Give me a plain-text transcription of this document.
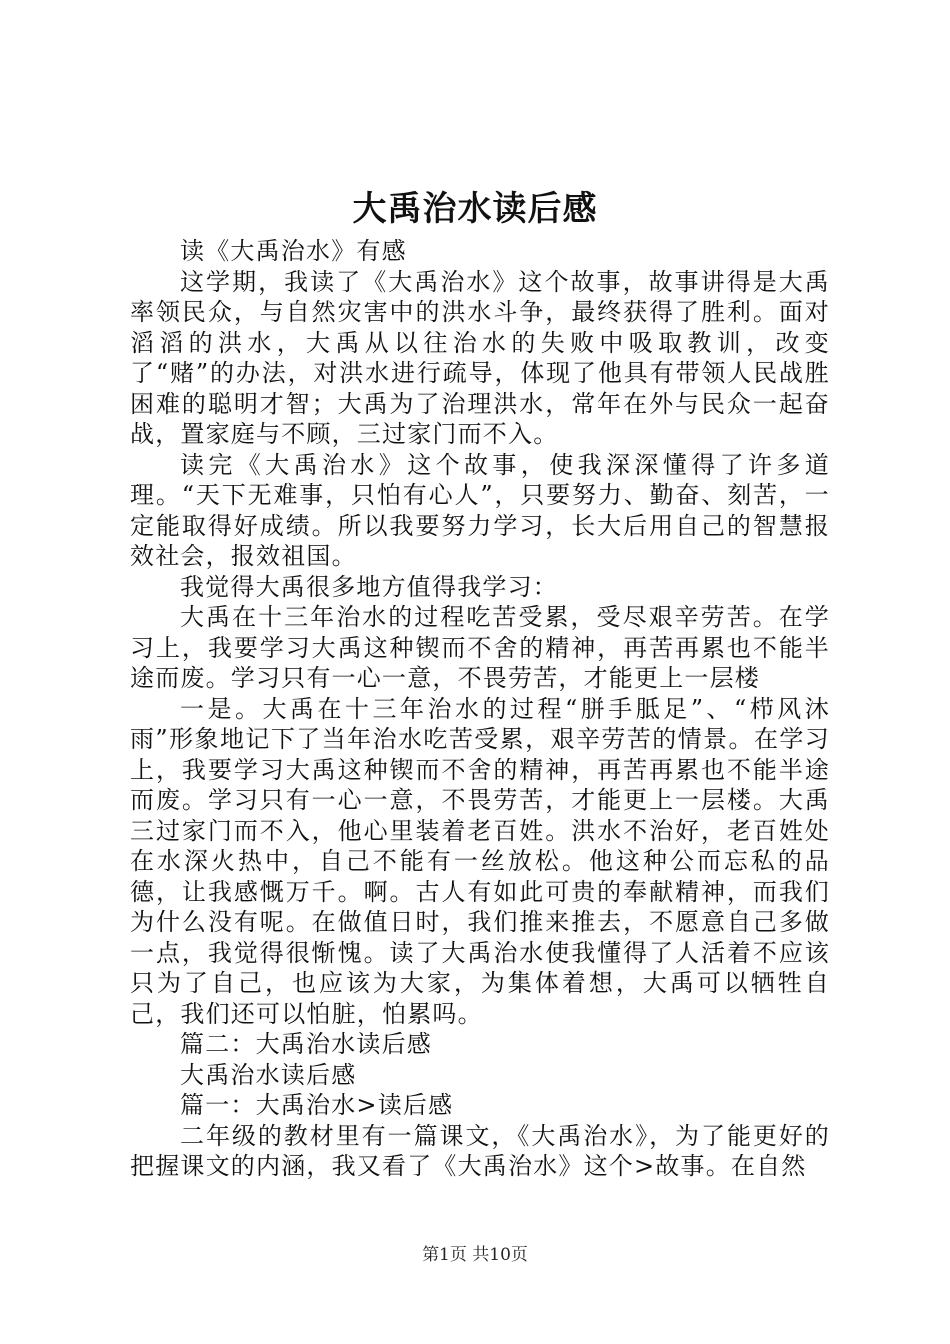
大禹治水读后感

读《大禹治水》有感

这学期，我读了《大禹治水》这个故事，故事讲得是大禹率领民众，与自然灾害中的洪水斗争，最终获得了胜利。面对滔滔的洪水，大禹从以往治水的失败中吸取教训，改变了“赌”的办法，对洪水进行疏导，体现了他具有带领人民战胜困难的聪明才智；大禹为了治理洪水，常年在外与民众一起奋战，置家庭与不顾，三过家门而不入。

读完《大禹治水》这个故事，使我深深懂得了许多道理。“天下无难事，只怕有心人”，只要努力、勤奋、刻苦，一定能取得好成绩。所以我要努力学习，长大后用自己的智慧报效社会，报效祖国。

我觉得大禹很多地方值得我学习：

大禹在十三年治水的过程吃苦受累，受尽艰辛劳苦。在学习上，我要学习大禹这种锲而不舍的精神，再苦再累也不能半途而废。学习只有一心一意，不畏劳苦，才能更上一层楼

一是。大禹在十三年治水的过程“胼手胝足”、“栉风沐雨”形象地记下了当年治水吃苦受累，艰辛劳苦的情景。在学习上，我要学习大禹这种锲而不舍的精神，再苦再累也不能半途而废。学习只有一心一意，不畏劳苦，才能更上一层楼。大禹三过家门而不入，他心里装着老百姓。洪水不治好，老百姓处在水深火热中，自己不能有一丝放松。他这种公而忘私的品德，让我感慨万千。啊。古人有如此可贵的奉献精神，而我们为什么没有呢。在做值日时，我们推来推去，不愿意自己多做一点，我觉得很惭愧。读了大禹治水使我懂得了人活着不应该只为了自己，也应该为大家，为集体着想，大禹可以牺牲自己，我们还可以怕脏，怕累吗。

篇二：大禹治水读后感

大禹治水读后感

篇一：大禹治水>读后感

二年级的教材里有一篇课文，《大禹治水》，为了能更好的把握课文的内涵，我又看了《大禹治水》这个>故事。在自然

第1页 共10页
